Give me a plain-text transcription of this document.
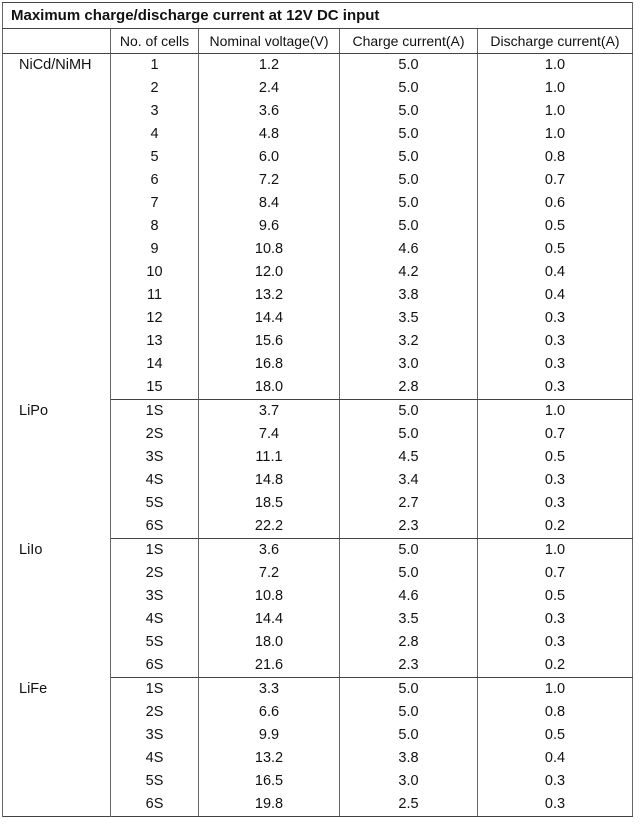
Maximum charge/discharge current at 12V DC input				
	No. of cells	Nominal voltage(V)	Charge current(A)	Discharge current(A)
NiCd/NiMH	1	1.2	5.0	1.0
	2	2.4	5.0	1.0
	3	3.6	5.0	1.0
	4	4.8	5.0	1.0
	5	6.0	5.0	0.8
	6	7.2	5.0	0.7
	7	8.4	5.0	0.6
	8	9.6	5.0	0.5
	9	10.8	4.6	0.5
	10	12.0	4.2	0.4
	11	13.2	3.8	0.4
	12	14.4	3.5	0.3
	13	15.6	3.2	0.3
	14	16.8	3.0	0.3
	15	18.0	2.8	0.3
LiPo	1S	3.7	5.0	1.0
	2S	7.4	5.0	0.7
	3S	11.1	4.5	0.5
	4S	14.8	3.4	0.3
	5S	18.5	2.7	0.3
	6S	22.2	2.3	0.2
LiIo	1S	3.6	5.0	1.0
	2S	7.2	5.0	0.7
	3S	10.8	4.6	0.5
	4S	14.4	3.5	0.3
	5S	18.0	2.8	0.3
	6S	21.6	2.3	0.2
LiFe	1S	3.3	5.0	1.0
	2S	6.6	5.0	0.8
	3S	9.9	5.0	0.5
	4S	13.2	3.8	0.4
	5S	16.5	3.0	0.3
	6S	19.8	2.5	0.3
